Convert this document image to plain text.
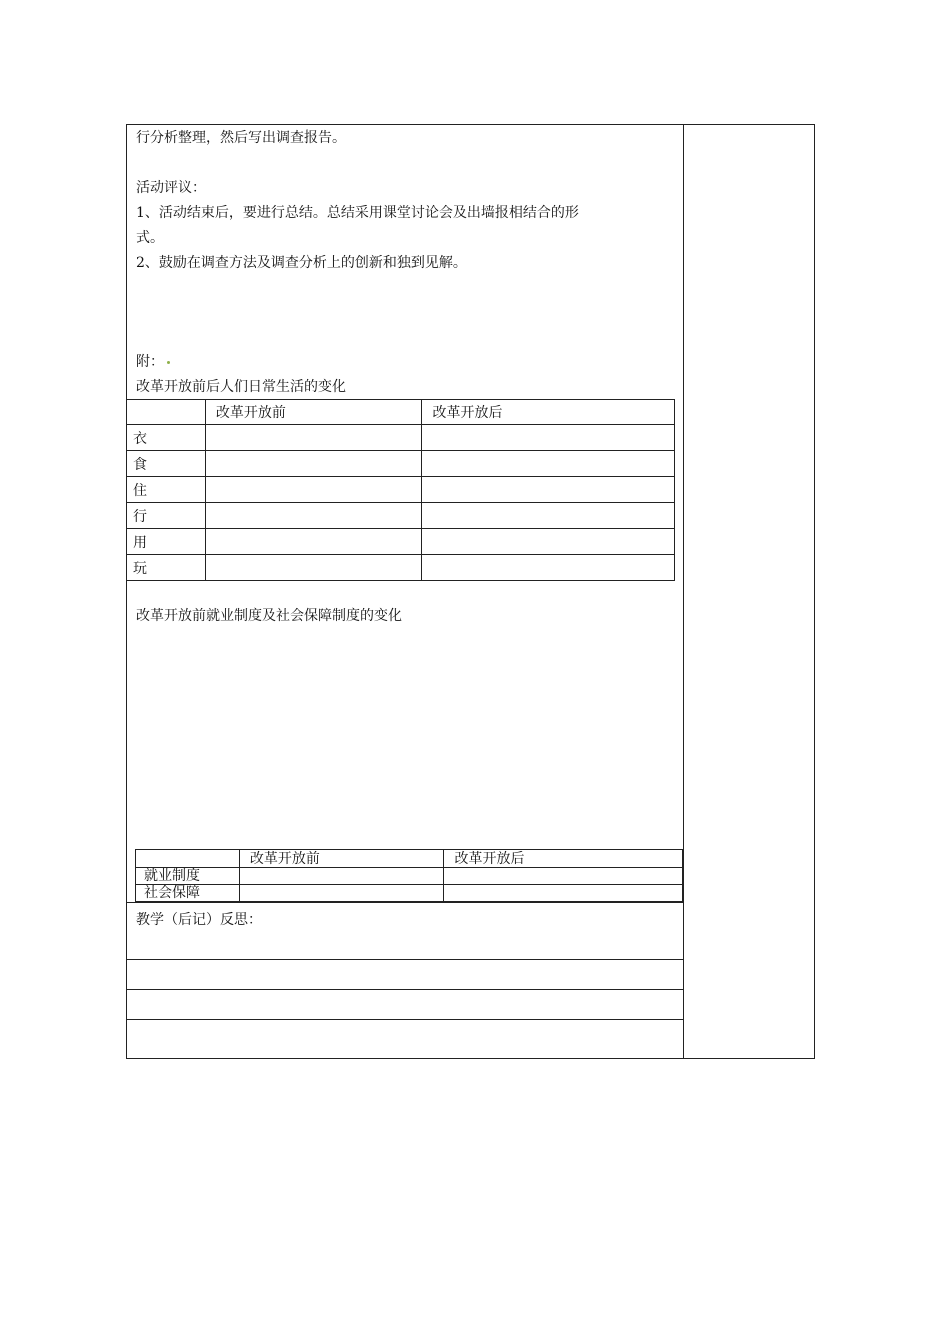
行分析整理，然后写出调查报告。
活动评议：
1、活动结束后，要进行总结。总结采用课堂讨论会及出墙报相结合的形
式。
2、鼓励在调查方法及调查分析上的创新和独到见解。
附：
改革开放前后人们日常生活的变化
	改革开放前	改革开放后
衣		
食		
住		
行		
用		
玩		
改革开放前就业制度及社会保障制度的变化
	改革开放前	改革开放后
就业制度		
社会保障		
教学（后记）反思：
